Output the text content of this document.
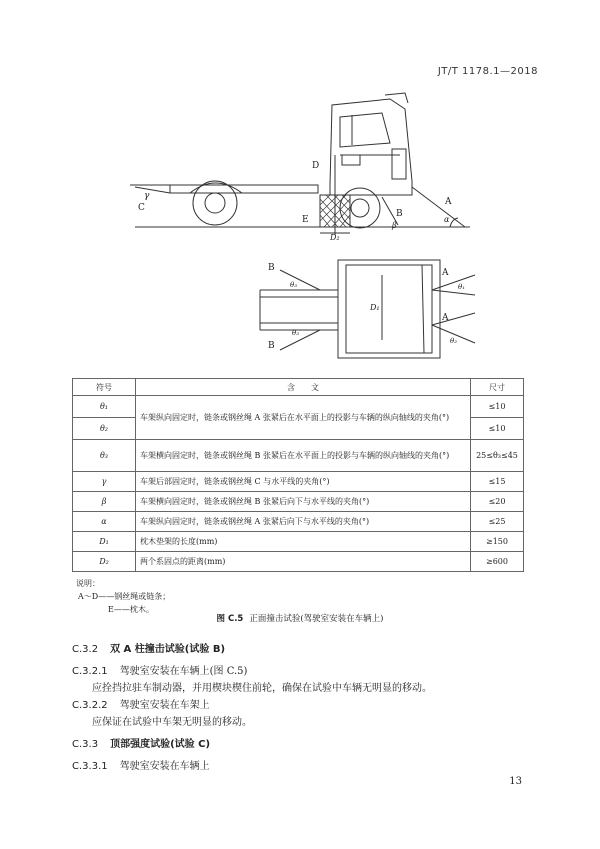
JT/T 1178.1—2018
C
γ
D
E
D₂
B
β
A
α
B
θ₃
B
θ₃
A
θ₁
A
θ₂
D₁
符号	含　　文	尺寸
θ₁	车架纵向固定时，链条或钢丝绳 A 张紧后在水平面上的投影与车辆的纵向轴线的夹角(°)	≤10
θ₂		≤10
θ₃	车架横向固定时，链条或钢丝绳 B 张紧后在水平面上的投影与车辆的纵向轴线的夹角(°)	25≤θ₃≤45
γ	车架后部固定时，链条或钢丝绳 C 与水平线的夹角(°)	≤15
β	车架横向固定时，链条或钢丝绳 B 张紧后向下与水平线的夹角(°)	≤20
α	车架纵向固定时，链条或钢丝绳 A 张紧后向下与水平线的夹角(°)	≤25
D₁	枕木垫架的长度(mm)	≥150
D₂	两个系固点的距离(mm)	≥600
说明：
A～D——钢丝绳或链条；
E——枕木。
图 C.5 正面撞击试验(驾驶室安装在车辆上)
C.3.2 双 A 柱撞击试验(试验 B)
C.3.2.1 驾驶室安装在车辆上(图 C.5)
应拴挡拉驻车制动器，并用楔块楔住前轮，确保在试验中车辆无明显的移动。
C.3.2.2 驾驶室安装在车架上
应保证在试验中车架无明显的移动。
C.3.3 顶部强度试验(试验 C)
C.3.3.1 驾驶室安装在车辆上
13
